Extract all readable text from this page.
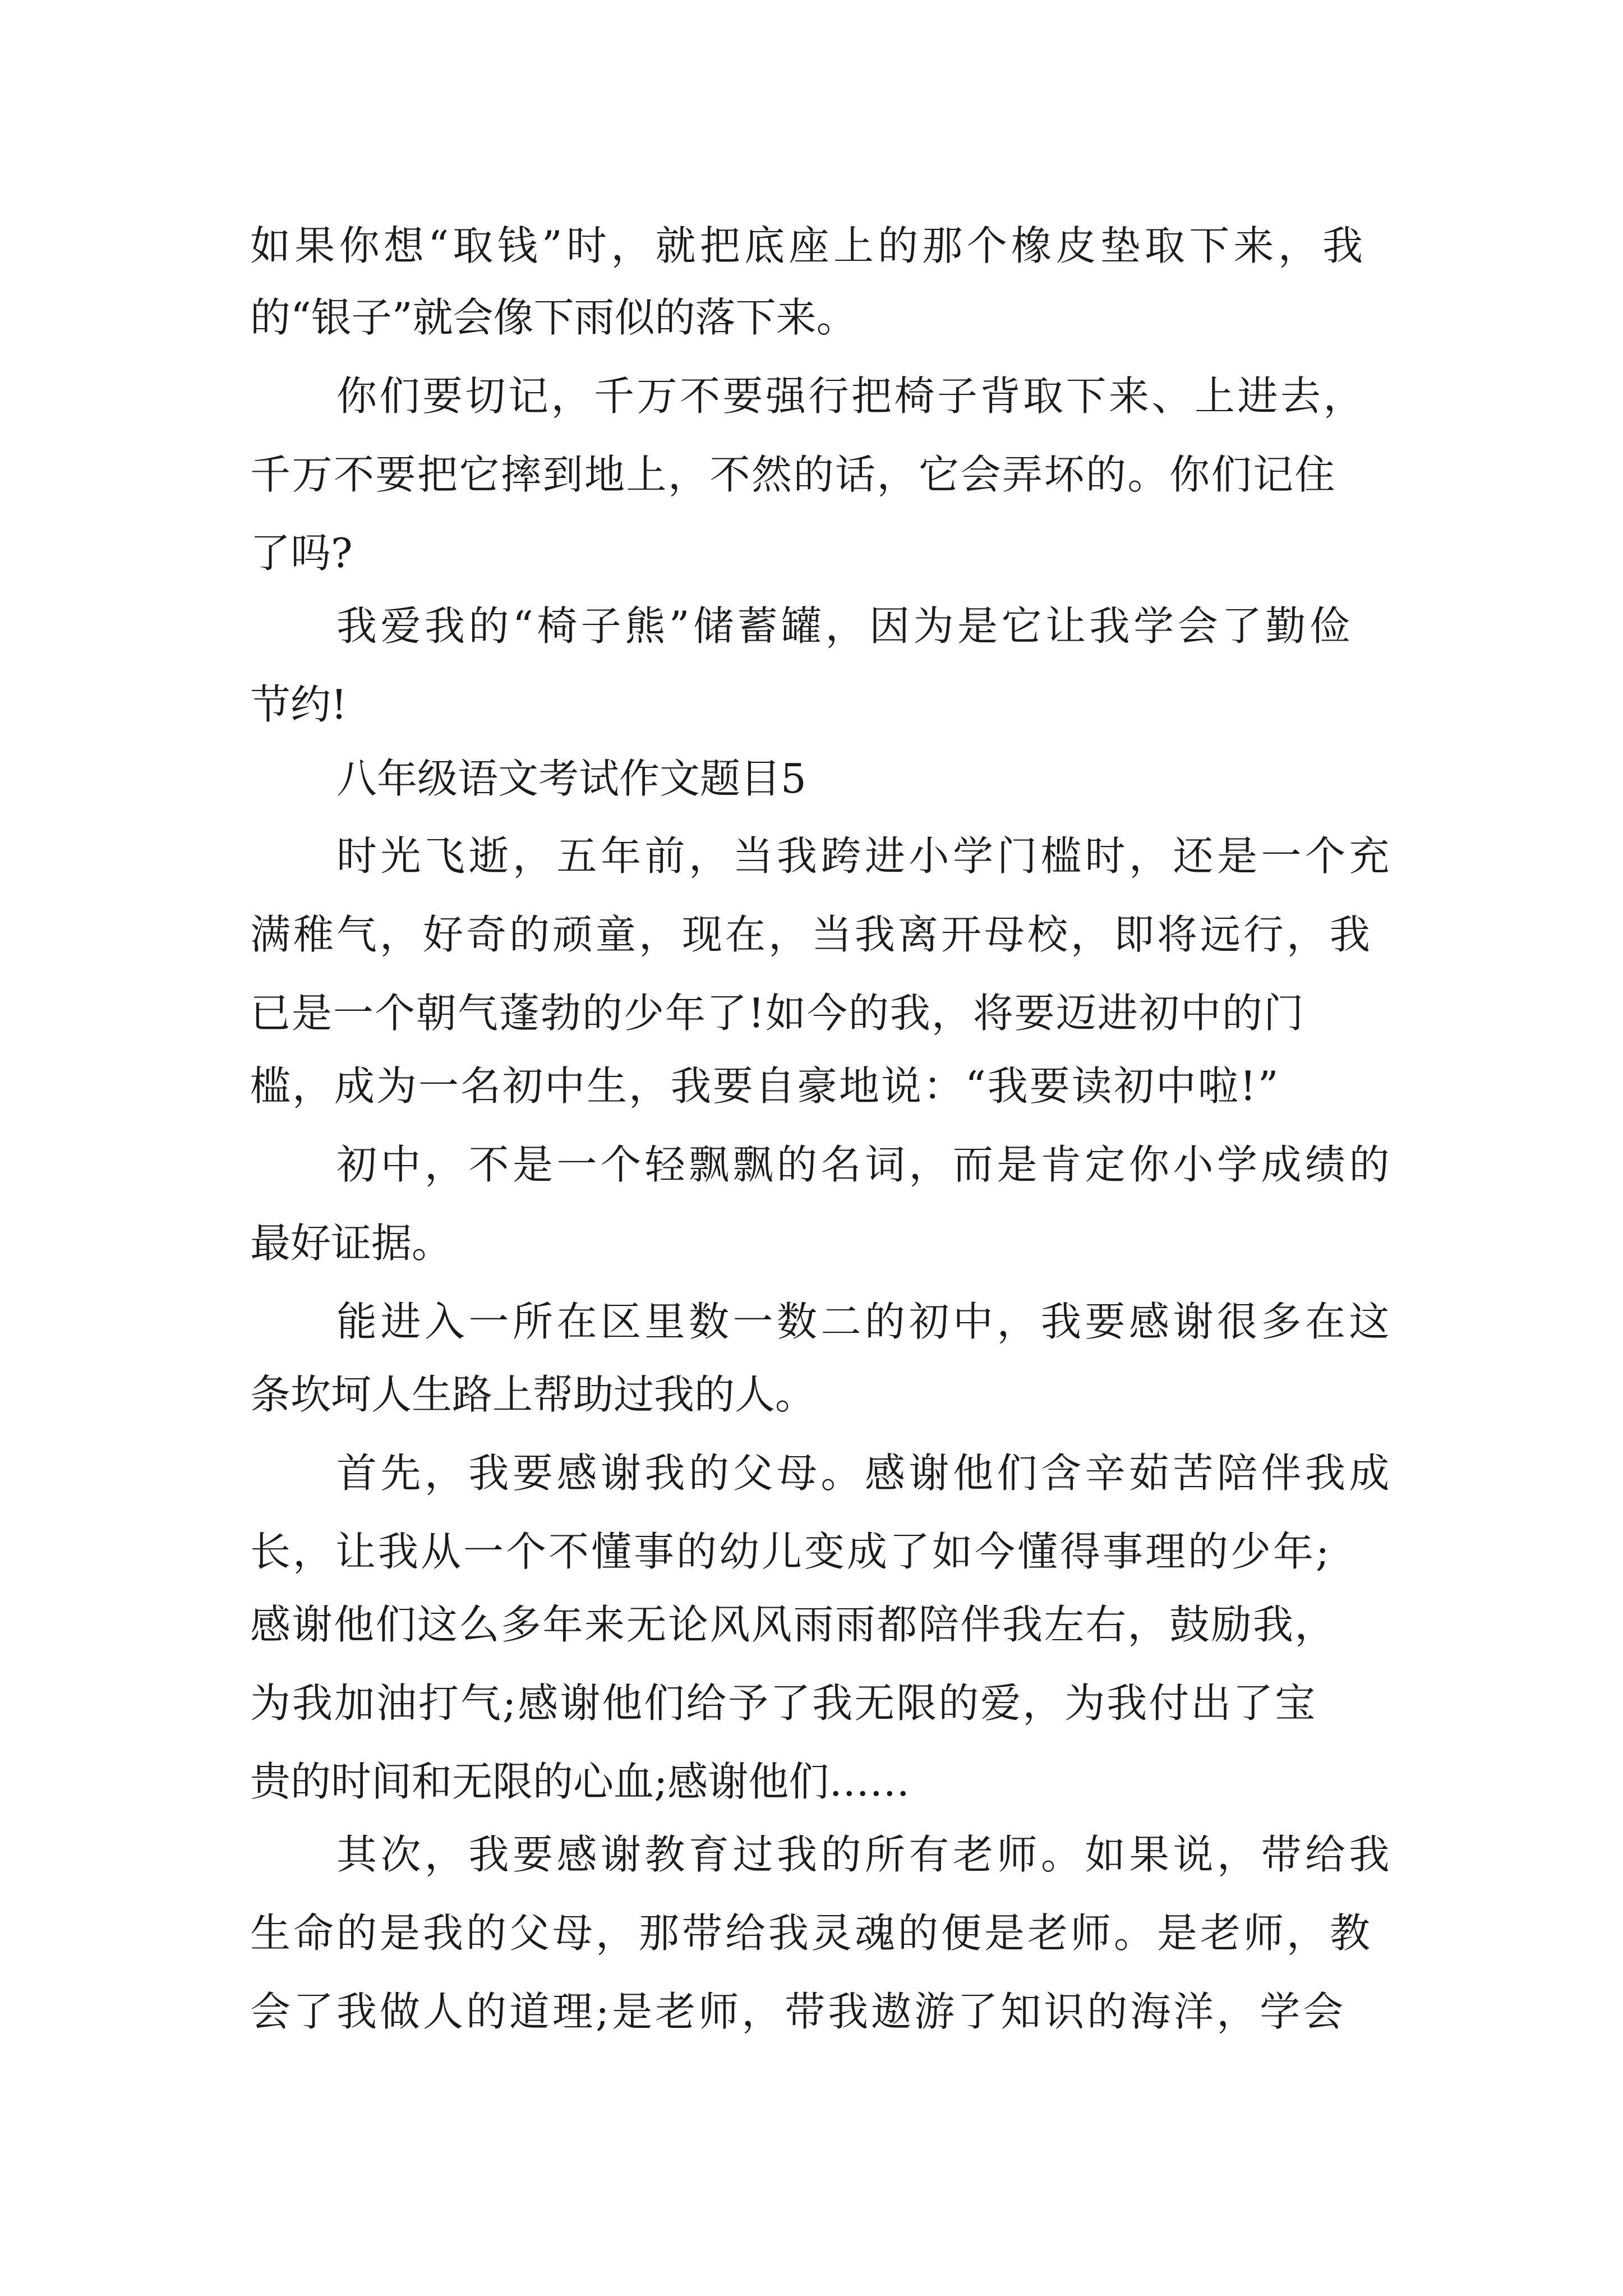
如果你想“取钱”时，就把底座上的那个橡皮垫取下来，我

的“银子”就会像下雨似的落下来。

你们要切记，千万不要强行把椅子背取下来、上进去，

千万不要把它摔到地上，不然的话，它会弄坏的。你们记住

了吗?

我爱我的“椅子熊”储蓄罐，因为是它让我学会了勤俭

节约!

八年级语文考试作文题目5

时光飞逝，五年前，当我跨进小学门槛时，还是一个充

满稚气，好奇的顽童，现在，当我离开母校，即将远行，我

已是一个朝气蓬勃的少年了!如今的我，将要迈进初中的门

槛，成为一名初中生，我要自豪地说：“我要读初中啦!”

初中，不是一个轻飘飘的名词，而是肯定你小学成绩的

最好证据。

能进入一所在区里数一数二的初中，我要感谢很多在这

条坎坷人生路上帮助过我的人。

首先，我要感谢我的父母。感谢他们含辛茹苦陪伴我成

长，让我从一个不懂事的幼儿变成了如今懂得事理的少年;

感谢他们这么多年来无论风风雨雨都陪伴我左右，鼓励我，

为我加油打气;感谢他们给予了我无限的爱，为我付出了宝

贵的时间和无限的心血;感谢他们……

其次，我要感谢教育过我的所有老师。如果说，带给我

生命的是我的父母，那带给我灵魂的便是老师。是老师，教

会了我做人的道理;是老师，带我遨游了知识的海洋，学会
